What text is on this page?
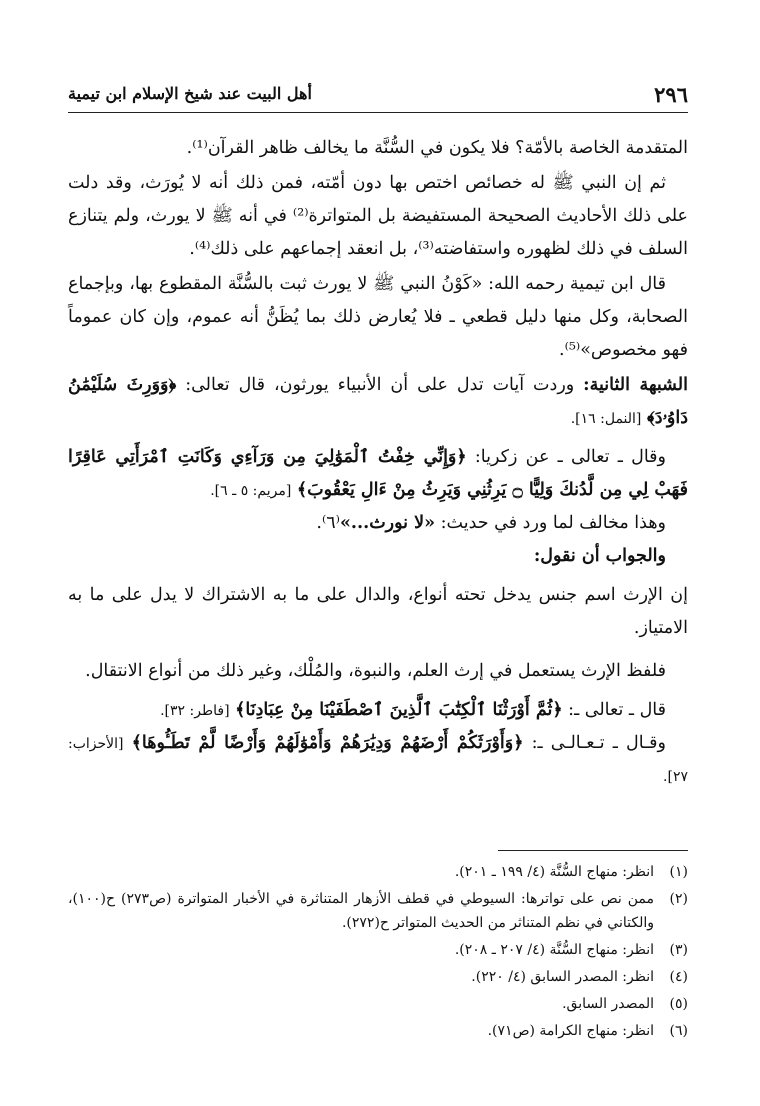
٢٩٦
أهل البيت عند شيخ الإسلام ابن تيمية

المتقدمة الخاصة بالأمّة؟ فلا يكون في السُّنَّة ما يخالف ظاهر القرآن⁽¹⁾.

ثم إن النبي ﷺ له خصائص اختص بها دون أمّته، فمن ذلك أنه لا يُورَث، وقد دلت على ذلك الأحاديث الصحيحة المستفيضة بل المتواترة⁽²⁾ في أنه ﷺ لا يورث، ولم يتنازع السلف في ذلك لظهوره واستفاضته⁽³⁾، بل انعقد إجماعهم على ذلك⁽⁴⁾.

قال ابن تيمية رحمه الله: «كَوْنُ النبي ﷺ لا يورث ثبت بالسُّنَّة المقطوع بها، وبإجماع الصحابة، وكل منها دليل قطعي ـ فلا يُعارض ذلك بما يُظَنُّ أنه عموم، وإن كان عموماً فهو مخصوص»⁽⁵⁾.

الشبهة الثانية: وردت آيات تدل على أن الأنبياء يورثون، قال تعالى: ﴿وَوَرِثَ سُلَيْمَٰنُ دَاوُۥدَ﴾ [النمل: ١٦].

وقال ـ تعالى ـ عن زكريا: ﴿وَإِنِّي خِفْتُ ٱلْمَوَٰلِيَ مِن وَرَآءِي وَكَانَتِ ٱمْرَأَتِي عَاقِرًا فَهَبْ لِي مِن لَّدُنكَ وَلِيًّا ۝ يَرِثُنِي وَيَرِثُ مِنْ ءَالِ يَعْقُوبَ﴾ [مريم: ٥ ـ ٦].

وهذا مخالف لما ورد في حديث: «لا نورث...»⁽٦⁾.

والجواب أن نقول:

إن الإرث اسم جنس يدخل تحته أنواع، والدال على ما به الاشتراك لا يدل على ما به الامتياز.

فلفظ الإرث يستعمل في إرث العلم، والنبوة، والمُلْك، وغير ذلك من أنواع الانتقال.

قال ـ تعالى ـ: ﴿ثُمَّ أَوْرَثْنَا ٱلْكِتَٰبَ ٱلَّذِينَ ٱصْطَفَيْنَا مِنْ عِبَادِنَا﴾ [فاطر: ٣٢].

وقـال ـ تـعـالـى ـ: ﴿وَأَوْرَثَكُمْ أَرْضَهُمْ وَدِيَٰرَهُمْ وَأَمْوَٰلَهُمْ وَأَرْضًا لَّمْ تَطَـُٔوهَا﴾ [الأحزاب: ٢٧].

(١)
انظر: منهاج السُّنَّة (٤/ ١٩٩ ـ ٢٠١).
(٢)
ممن نص على تواترها: السيوطي في قطف الأزهار المتناثرة في الأخبار المتواترة (ص٢٧٣) ح(١٠٠)، والكتاني في نظم المتناثر من الحديث المتواتر ح(٢٧٢).
(٣)
انظر: منهاج السُّنَّة (٤/ ٢٠٧ ـ ٢٠٨).
(٤)
انظر: المصدر السابق (٤/ ٢٢٠).
(٥)
المصدر السابق.
(٦)
انظر: منهاج الكرامة (ص٧١).
